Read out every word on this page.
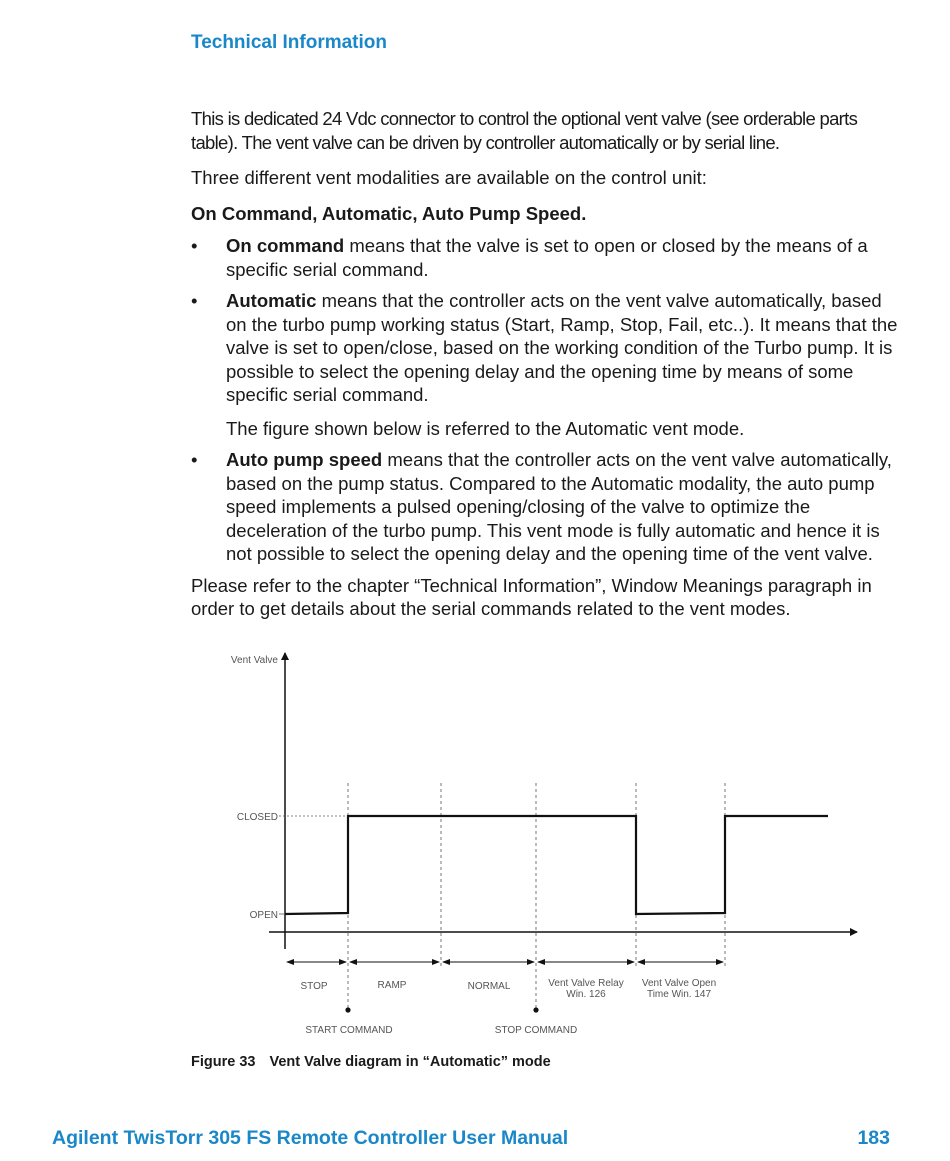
Technical Information

This is dedicated 24 Vdc connector to control the optional vent valve (see orderable parts table). The vent valve can be driven by controller automatically or by serial line.

Three different vent modalities are available on the control unit:

On Command, Automatic, Auto Pump Speed.

• On command means that the valve is set to open or closed by the means of a specific serial command.
• Automatic means that the controller acts on the vent valve automatically, based on the turbo pump working status (Start, Ramp, Stop, Fail, etc..). It means that the valve is set to open/close, based on the working condition of the Turbo pump. It is possible to select the opening delay and the opening time by means of some specific serial command.
The figure shown below is referred to the Automatic vent mode.
• Auto pump speed means that the controller acts on the vent valve automatically, based on the pump status. Compared to the Automatic modality, the auto pump speed implements a pulsed opening/closing of the valve to optimize the deceleration of the turbo pump. This vent mode is fully automatic and hence it is not possible to select the opening delay and the opening time of the vent valve.

Please refer to the chapter “Technical Information”, Window Meanings paragraph in order to get details about the serial commands related to the vent modes.

Vent Valve
CLOSED
OPEN
STOP	RAMP	NORMAL	Vent Valve Relay
Win. 126
Vent Valve Open
Time Win. 147
START COMMAND	STOP COMMAND
Figure 33 Vent Valve diagram in “Automatic” mode
Agilent TwisTorr 305 FS Remote Controller User Manual	183
